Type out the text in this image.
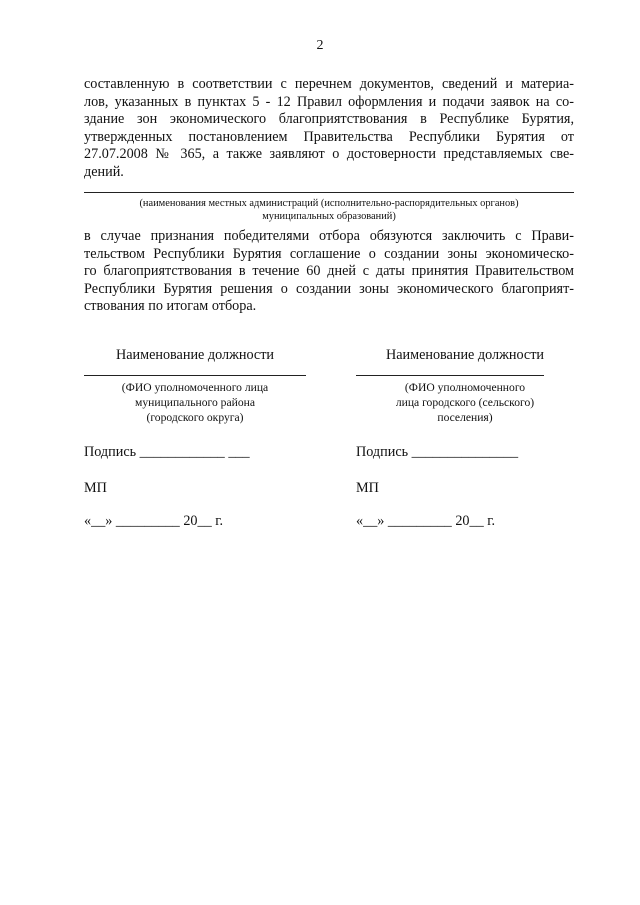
2
составленную в соответствии с перечнем документов, сведений и материа-
лов, указанных в пунктах 5 - 12 Правил оформления и подачи заявок на со-
здание зон экономического благоприятствования в Республике Бурятия,
утвержденных постановлением Правительства Республики Бурятия от
27.07.2008 № 365, а также заявляют о достоверности представляемых све-
дений.
(наименования местных администраций (исполнительно-распорядительных органов)
муниципальных образований)
в случае признания победителями отбора обязуются заключить с Прави-
тельством Республики Бурятия соглашение о создании зоны экономическо-
го благоприятствования в течение 60 дней с даты принятия Правительством
Республики Бурятия решения о создании зоны экономического благоприят-
ствования по итогам отбора.
Наименование должности
(ФИО уполномоченного лица
муниципального района
(городского округа)
Подпись ____________ ___
МП
«__» _________ 20__ г.
Наименование должности
(ФИО уполномоченного
лица городского (сельского)
поселения)
Подпись _______________
МП
«__» _________ 20__ г.
